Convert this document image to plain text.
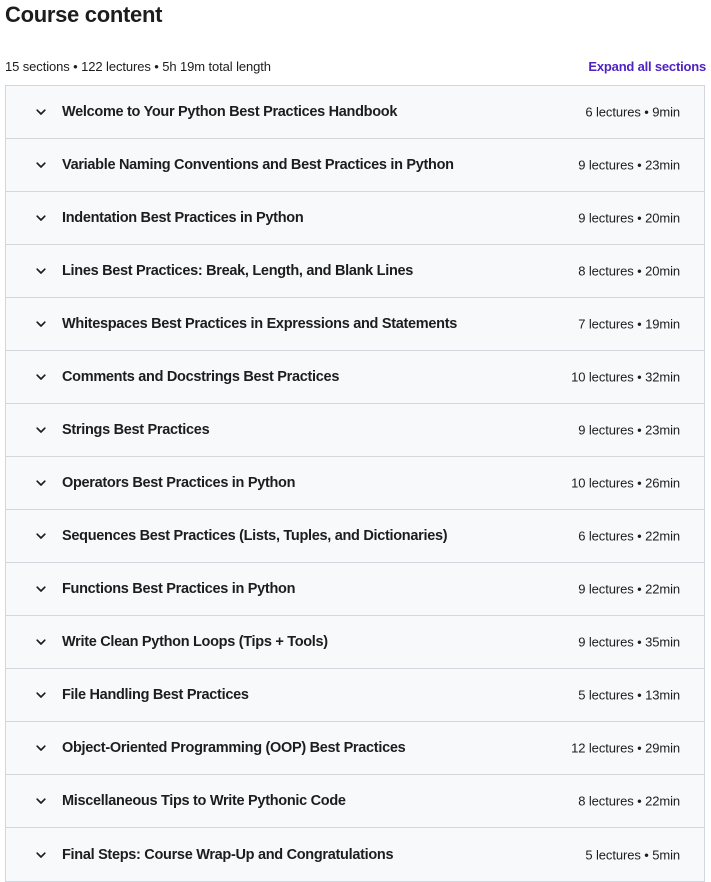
Course content
15 sections • 122 lectures • 5h 19m total length	Expand all sections
Welcome to Your Python Best Practices Handbook	6 lectures • 9min
Variable Naming Conventions and Best Practices in Python	9 lectures • 23min
Indentation Best Practices in Python	9 lectures • 20min
Lines Best Practices: Break, Length, and Blank Lines	8 lectures • 20min
Whitespaces Best Practices in Expressions and Statements	7 lectures • 19min
Comments and Docstrings Best Practices	10 lectures • 32min
Strings Best Practices	9 lectures • 23min
Operators Best Practices in Python	10 lectures • 26min
Sequences Best Practices (Lists, Tuples, and Dictionaries)	6 lectures • 22min
Functions Best Practices in Python	9 lectures • 22min
Write Clean Python Loops (Tips + Tools)	9 lectures • 35min
File Handling Best Practices	5 lectures • 13min
Object-Oriented Programming (OOP) Best Practices	12 lectures • 29min
Miscellaneous Tips to Write Pythonic Code	8 lectures • 22min
Final Steps: Course Wrap-Up and Congratulations	5 lectures • 5min
